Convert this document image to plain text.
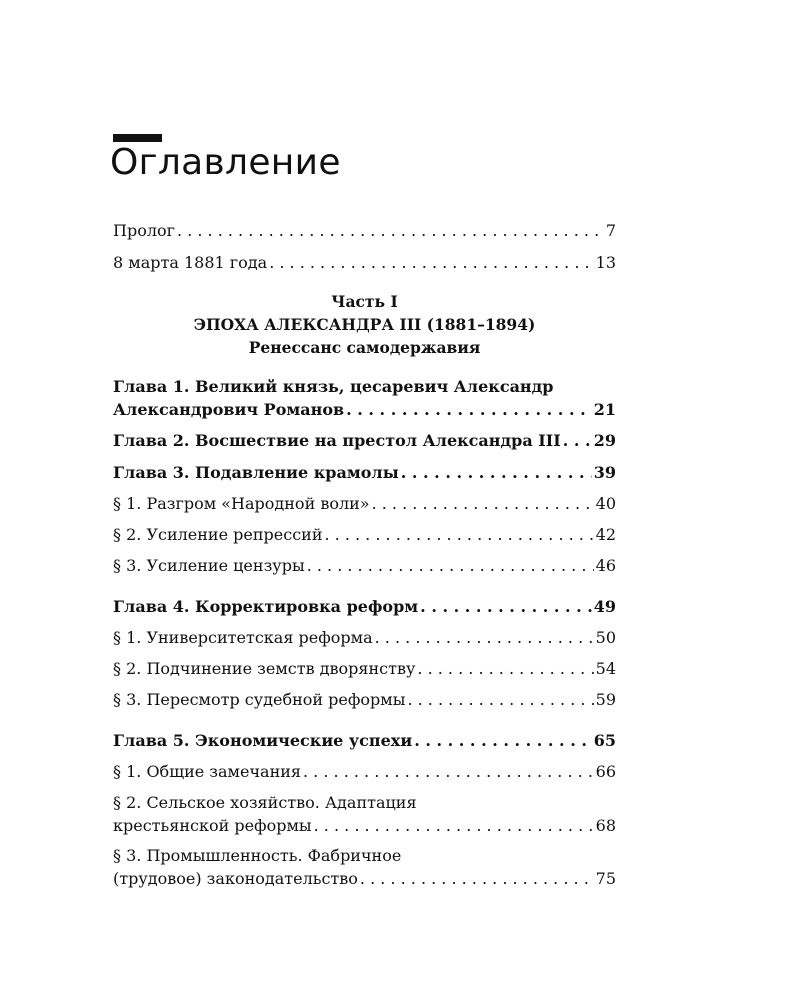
Оглавление
Пролог . . .	7
8 марта 1881 года . . .	13
Часть I
ЭПОХА АЛЕКСАНДРА III (1881–1894)
Ренессанс самодержавия
Глава 1. Великий князь, цесаревич Александр
Александрович Романов . . .	21
Глава 2. Восшествие на престол Александра III . . . 29
Глава 3. Подавление крамолы . . .	39
§ 1. Разгром «Народной воли» . . .	40
§ 2. Усиление репрессий . . .	42
§ 3. Усиление цензуры . . .	46
Глава 4. Корректировка реформ . . .	49
§ 1. Университетская реформа . . .	50
§ 2. Подчинение земств дворянству . . .	54
§ 3. Пересмотр судебной реформы . . .	59
Глава 5. Экономические успехи . . .	65
§ 1. Общие замечания . . .	66
§ 2. Сельское хозяйство. Адаптация
крестьянской реформы . . .	68
§ 3. Промышленность. Фабричное
(трудовое) законодательство . . .	75
